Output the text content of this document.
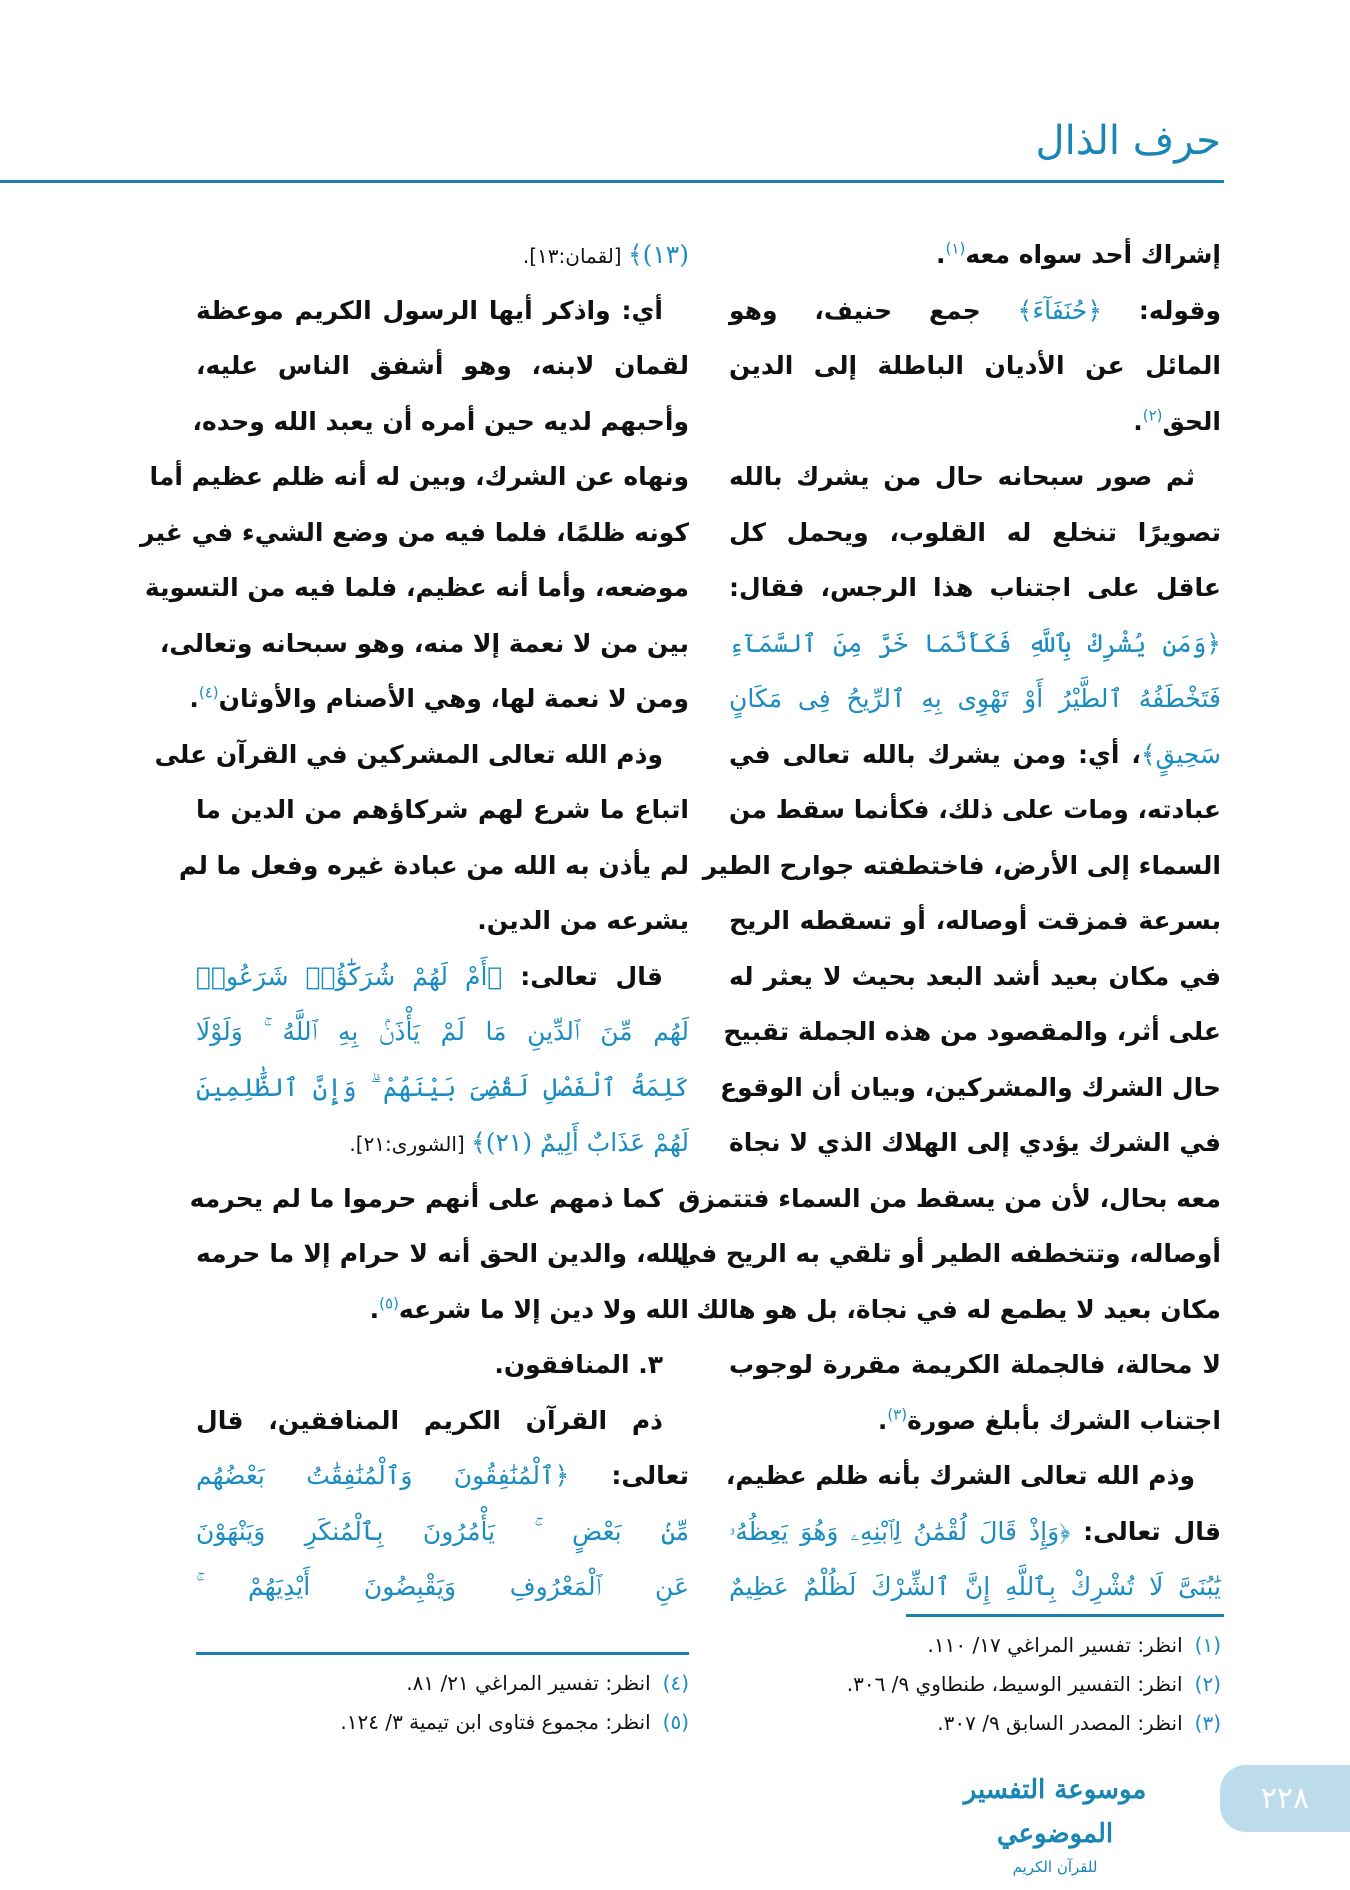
حرف الذال
إشراك أحد سواه معه$^{(١)}$.
وقوله: ﴿حُنَفَآءَ﴾ جمع حنيف، وهو
المائل عن الأديان الباطلة إلى الدين
الحق$^{(٢)}$.
ثم صور سبحانه حال من يشرك بالله
تصويرًا تنخلع له القلوب، ويحمل كل
عاقل على اجتناب هذا الرجس، فقال:
﴿وَمَن يُشْرِكْ بِٱللَّهِ فَكَأَنَّمَا خَرَّ مِنَ ٱلسَّمَآءِ
فَتَخْطَفُهُ ٱلطَّيْرُ أَوْ تَهْوِى بِهِ ٱلرِّيحُ فِى مَكَانٍ
سَحِيقٍ﴾، أي: ومن يشرك بالله تعالى في
عبادته، ومات على ذلك، فكأنما سقط من
السماء إلى الأرض، فاختطفته جوارح الطير
بسرعة فمزقت أوصاله، أو تسقطه الريح
في مكان بعيد أشد البعد بحيث لا يعثر له
على أثر، والمقصود من هذه الجملة تقبيح
حال الشرك والمشركين، وبيان أن الوقوع
في الشرك يؤدي إلى الهلاك الذي لا نجاة
معه بحال، لأن من يسقط من السماء فتتمزق
أوصاله، وتتخطفه الطير أو تلقي به الريح في
مكان بعيد لا يطمع له في نجاة، بل هو هالك
لا محالة، فالجملة الكريمة مقررة لوجوب
اجتناب الشرك بأبلغ صورة$^{(٣)}$.
وذم الله تعالى الشرك بأنه ظلم عظيم،
قال تعالى: ﴿وَإِذْ قَالَ لُقْمَٰنُ لِٱبْنِهِۦ وَهُوَ يَعِظُهُۥ
يَٰبُنَىَّ لَا تُشْرِكْ بِٱللَّهِ إِنَّ ٱلشِّرْكَ لَظُلْمٌ عَظِيمٌ
(١٣)﴾ [لقمان:١٣].
أي: واذكر أيها الرسول الكريم موعظة
لقمان لابنه، وهو أشفق الناس عليه،
وأحبهم لديه حين أمره أن يعبد الله وحده،
ونهاه عن الشرك، وبين له أنه ظلم عظيم أما
كونه ظلمًا، فلما فيه من وضع الشيء في غير
موضعه، وأما أنه عظيم، فلما فيه من التسوية
بين من لا نعمة إلا منه، وهو سبحانه وتعالى،
ومن لا نعمة لها، وهي الأصنام والأوثان$^{(٤)}$.
وذم الله تعالى المشركين في القرآن على
اتباع ما شرع لهم شركاؤهم من الدين ما
لم يأذن به الله من عبادة غيره وفعل ما لم
يشرعه من الدين.
قال تعالى: ﴿أَمْ لَهُمْ شُرَكَٰٓؤُا۟ شَرَعُوا۟
لَهُم مِّنَ ٱلدِّينِ مَا لَمْ يَأْذَنۢ بِهِ ٱللَّهُ ۚ وَلَوْلَا
كَلِمَةُ ٱلْفَصْلِ لَقُضِىَ بَيْنَهُمْ ۗ وَإِنَّ ٱلظَّٰلِمِينَ
لَهُمْ عَذَابٌ أَلِيمٌ (٢١)﴾ [الشورى:٢١].
كما ذمهم على أنهم حرموا ما لم يحرمه
الله، والدين الحق أنه لا حرام إلا ما حرمه
الله ولا دين إلا ما شرعه$^{(٥)}$.
٣. المنافقون.
ذم القرآن الكريم المنافقين، قال
تعالى: ﴿ٱلْمُنَٰفِقُونَ وَٱلْمُنَٰفِقَٰتُ بَعْضُهُم
مِّنۢ بَعْضٍ ۚ يَأْمُرُونَ بِٱلْمُنكَرِ وَيَنْهَوْنَ
عَنِ ٱلْمَعْرُوفِ وَيَقْبِضُونَ أَيْدِيَهُمْ ۚ
(١)انظر: تفسير المراغي ١٧/ ١١٠.
(٢)انظر: التفسير الوسيط، طنطاوي ٩/ ٣٠٦.
(٣)انظر: المصدر السابق ٩/ ٣٠٧.
(٤)انظر: تفسير المراغي ٢١/ ٨١.
(٥)انظر: مجموع فتاوى ابن تيمية ٣/ ١٢٤.
موسوعة التفسير الموضوعي
للقرآن الكريم
٢٢٨
